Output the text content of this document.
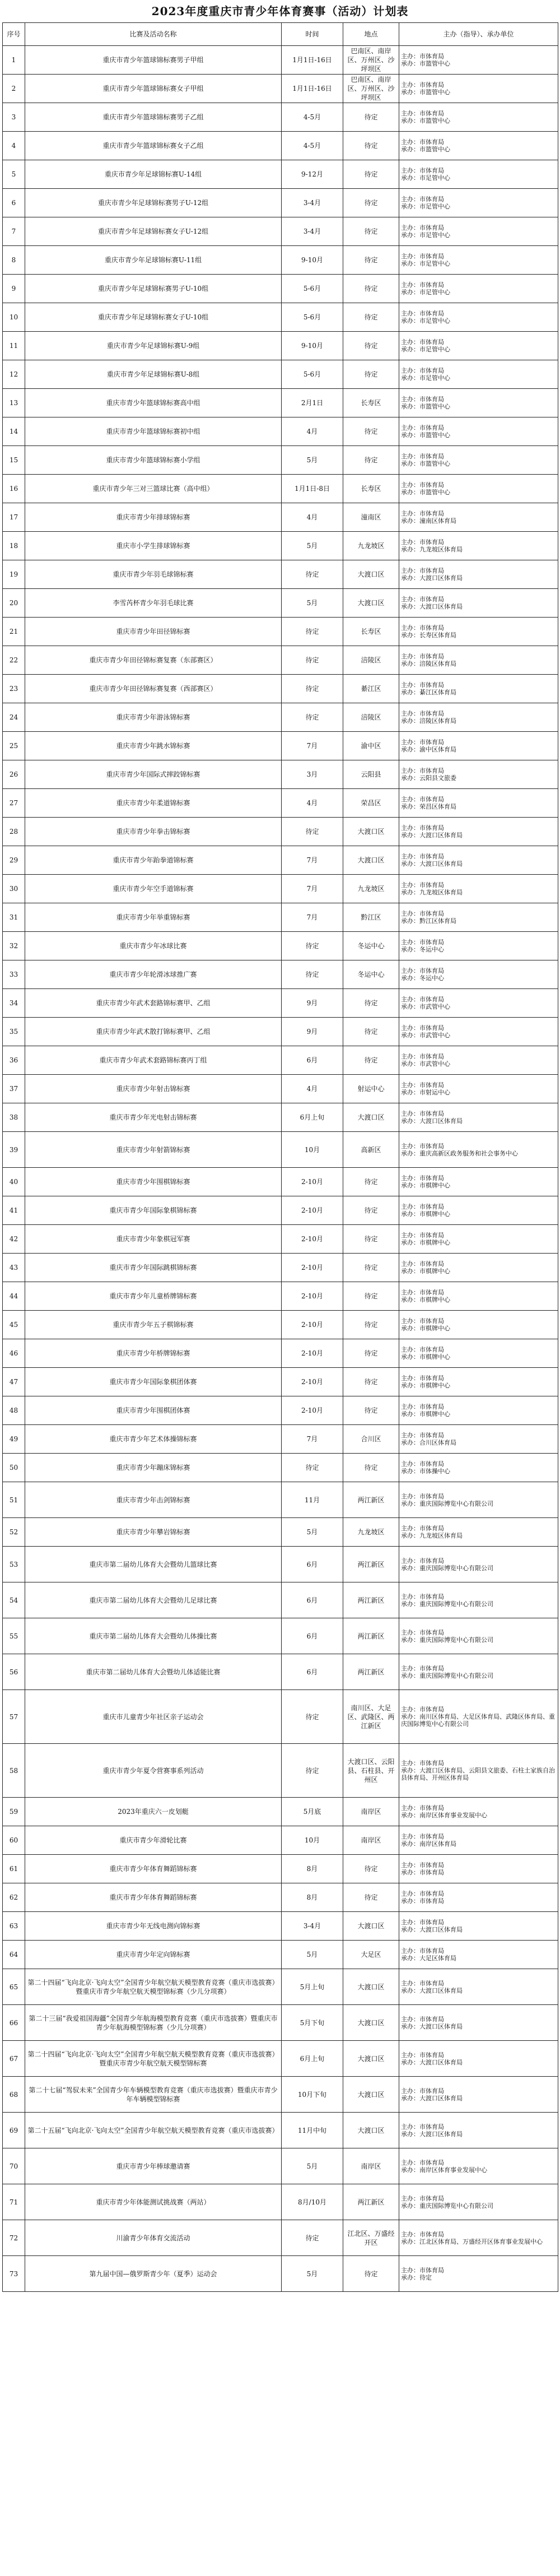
2023年度重庆市青少年体育赛事（活动）计划表
序号	比赛及活动名称	时间	地点	主办（指导）、承办单位
1	重庆市青少年篮球锦标赛男子甲组	1月1日-16日	巴南区、南岸区、万州区、沙坪坝区	主办：市体育局
承办：市篮管中心

2	重庆市青少年篮球锦标赛女子甲组	1月1日-16日	巴南区、南岸区、万州区、沙坪坝区	主办：市体育局
承办：市篮管中心

3	重庆市青少年篮球锦标赛男子乙组	4-5月	待定	主办：市体育局
承办：市篮管中心

4	重庆市青少年篮球锦标赛女子乙组	4-5月	待定	主办：市体育局
承办：市篮管中心

5	重庆市青少年足球锦标赛U-14组	9-12月	待定	主办：市体育局
承办：市足管中心

6	重庆市青少年足球锦标赛男子U-12组	3-4月	待定	主办：市体育局
承办：市足管中心

7	重庆市青少年足球锦标赛女子U-12组	3-4月	待定	主办：市体育局
承办：市足管中心

8	重庆市青少年足球锦标赛U-11组	9-10月	待定	主办：市体育局
承办：市足管中心

9	重庆市青少年足球锦标赛男子U-10组	5-6月	待定	主办：市体育局
承办：市足管中心

10	重庆市青少年足球锦标赛女子U-10组	5-6月	待定	主办：市体育局
承办：市足管中心

11	重庆市青少年足球锦标赛U-9组	9-10月	待定	主办：市体育局
承办：市足管中心

12	重庆市青少年足球锦标赛U-8组	5-6月	待定	主办：市体育局
承办：市足管中心

13	重庆市青少年篮球锦标赛高中组	2月1日	长寿区	主办：市体育局
承办：市篮管中心

14	重庆市青少年篮球锦标赛初中组	4月	待定	主办：市体育局
承办：市篮管中心

15	重庆市青少年篮球锦标赛小学组	5月	待定	主办：市体育局
承办：市篮管中心

16	重庆市青少年三对三篮球比赛（高中组）	1月1日-8日	长寿区	主办：市体育局
承办：市篮管中心

17	重庆市青少年排球锦标赛	4月	潼南区	主办：市体育局
承办：潼南区体育局

18	重庆市小学生排球锦标赛	5月	九龙坡区	主办：市体育局
承办：九龙坡区体育局

19	重庆市青少年羽毛球锦标赛	待定	大渡口区	主办：市体育局
承办：大渡口区体育局

20	李雪芮杯青少年羽毛球比赛	5月	大渡口区	主办：市体育局
承办：大渡口区体育局

21	重庆市青少年田径锦标赛	待定	长寿区	主办：市体育局
承办：长寿区体育局

22	重庆市青少年田径锦标赛复赛（东部赛区）	待定	涪陵区	主办：市体育局
承办：涪陵区体育局

23	重庆市青少年田径锦标赛复赛（西部赛区）	待定	綦江区	主办：市体育局
承办：綦江区体育局

24	重庆市青少年游泳锦标赛	待定	涪陵区	主办：市体育局
承办：涪陵区体育局

25	重庆市青少年跳水锦标赛	7月	渝中区	主办：市体育局
承办：渝中区体育局

26	重庆市青少年国际式摔跤锦标赛	3月	云阳县	主办：市体育局
承办：云阳县文旅委

27	重庆市青少年柔道锦标赛	4月	荣昌区	主办：市体育局
承办：荣昌区体育局

28	重庆市青少年拳击锦标赛	待定	大渡口区	主办：市体育局
承办：大渡口区体育局

29	重庆市青少年跆拳道锦标赛	7月	大渡口区	主办：市体育局
承办：大渡口区体育局

30	重庆市青少年空手道锦标赛	7月	九龙坡区	主办：市体育局
承办：九龙坡区体育局

31	重庆市青少年举重锦标赛	7月	黔江区	主办：市体育局
承办：黔江区体育局

32	重庆市青少年冰球比赛	待定	冬运中心	主办：市体育局
承办：冬运中心

33	重庆市青少年轮滑冰球推广赛	待定	冬运中心	主办：市体育局
承办：冬运中心

34	重庆市青少年武术套路锦标赛甲、乙组	9月	待定	主办：市体育局
承办：市武管中心

35	重庆市青少年武术散打锦标赛甲、乙组	9月	待定	主办：市体育局
承办：市武管中心

36	重庆市青少年武术套路锦标赛丙丁组	6月	待定	主办：市体育局
承办：市武管中心

37	重庆市青少年射击锦标赛	4月	射运中心	主办：市体育局
承办：市射运中心

38	重庆市青少年光电射击锦标赛	6月上旬	大渡口区	主办：市体育局
承办：大渡口区体育局

39	重庆市青少年射箭锦标赛	10月	高新区	主办：市体育局
承办：重庆高新区政务服务和社会事务中心

40	重庆市青少年围棋锦标赛	2-10月	待定	主办：市体育局
承办：市棋牌中心

41	重庆市青少年国际象棋锦标赛	2-10月	待定	主办：市体育局
承办：市棋牌中心

42	重庆市青少年象棋冠军赛	2-10月	待定	主办：市体育局
承办：市棋牌中心

43	重庆市青少年国际跳棋锦标赛	2-10月	待定	主办：市体育局
承办：市棋牌中心

44	重庆市青少年儿童桥牌锦标赛	2-10月	待定	主办：市体育局
承办：市棋牌中心

45	重庆市青少年五子棋锦标赛	2-10月	待定	主办：市体育局
承办：市棋牌中心

46	重庆市青少年桥牌锦标赛	2-10月	待定	主办：市体育局
承办：市棋牌中心

47	重庆市青少年国际象棋团体赛	2-10月	待定	主办：市体育局
承办：市棋牌中心

48	重庆市青少年围棋团体赛	2-10月	待定	主办：市体育局
承办：市棋牌中心

49	重庆市青少年艺术体操锦标赛	7月	合川区	主办：市体育局
承办：合川区体育局

50	重庆市青少年蹦床锦标赛	待定	待定	主办：市体育局
承办：市体操中心

51	重庆市青少年击剑锦标赛	11月	两江新区	主办：市体育局
承办：重庆国际博览中心有限公司

52	重庆市青少年攀岩锦标赛	5月	九龙坡区	主办：市体育局
承办：九龙坡区体育局

53	重庆市第二届幼儿体育大会暨幼儿篮球比赛	6月	两江新区	主办：市体育局
承办：重庆国际博览中心有限公司

54	重庆市第二届幼儿体育大会暨幼儿足球比赛	6月	两江新区	主办：市体育局
承办：重庆国际博览中心有限公司

55	重庆市第二届幼儿体育大会暨幼儿体操比赛	6月	两江新区	主办：市体育局
承办：重庆国际博览中心有限公司

56	重庆市第二届幼儿体育大会暨幼儿体适能比赛	6月	两江新区	主办：市体育局
承办：重庆国际博览中心有限公司

57	重庆市儿童青少年社区亲子运动会	待定	南川区、大足区、武隆区、两江新区	主办：市体育局
承办：南川区体育局、大足区体育局、武隆区体育局、重庆国际博览中心有限公司

58	重庆市青少年夏令营赛事系列活动	待定	大渡口区、云阳县、石柱县、开州区	主办：市体育局
承办：大渡口区体育局、云阳县文旅委、石柱土家族自治县体育局、开州区体育局

59	2023年重庆六一皮划艇	5月底	南岸区	主办：市体育局
承办：南岸区体育事业发展中心

60	重庆市青少年滑轮比赛	10月	南岸区	主办：市体育局
承办：南岸区体育局

61	重庆市青少年体育舞蹈锦标赛	8月	待定	主办：市体育局
承办：市体育局

62	重庆市青少年体育舞蹈锦标赛	8月	待定	主办：市体育局
承办：市体育局

63	重庆市青少年无线电测向锦标赛	3-4月	大渡口区	主办：市体育局
承办：大渡口区体育局

64	重庆市青少年定向锦标赛	5月	大足区	主办：市体育局
承办：大足区体育局

65	第二十四届“飞向北京·飞向太空”全国青少年航空航天模型教育竞赛（重庆市选拔赛）暨重庆市青少年航空航天模型锦标赛（少儿分项赛）	5月上旬	大渡口区	主办：市体育局
承办：大渡口区体育局

66	第二十三届“我爱祖国海疆”全国青少年航海模型教育竞赛（重庆市选拔赛）暨重庆市青少年航海模型锦标赛（少儿分项赛）	5月下旬	大渡口区	主办：市体育局
承办：大渡口区体育局

67	第二十四届“飞向北京·飞向太空”全国青少年航空航天模型教育竞赛（重庆市选拔赛）暨重庆市青少年航空航天模型锦标赛	6月上旬	大渡口区	主办：市体育局
承办：大渡口区体育局

68	第二十七届“驾驭未来”全国青少年车辆模型教育竞赛（重庆市选拔赛）暨重庆市青少年车辆模型锦标赛	10月下旬	大渡口区	主办：市体育局
承办：大渡口区体育局

69	第二十五届“飞向北京·飞向太空”全国青少年航空航天模型教育竞赛（重庆市选拔赛）	11月中旬	大渡口区	主办：市体育局
承办：大渡口区体育局

70	重庆市青少年棒球邀请赛	5月	南岸区	主办：市体育局
承办：南岸区体育事业发展中心

71	重庆市青少年体能测试挑战赛（两站）	8月/10月	两江新区	主办：市体育局
承办：重庆国际博览中心有限公司

72	川渝青少年体育交流活动	待定	江北区、万盛经开区	主办：市体育局
承办：江北区体育局、万盛经开区体育事业发展中心

73	第九届中国—俄罗斯青少年（夏季）运动会	5月	待定	主办：市体育局
承办：待定
